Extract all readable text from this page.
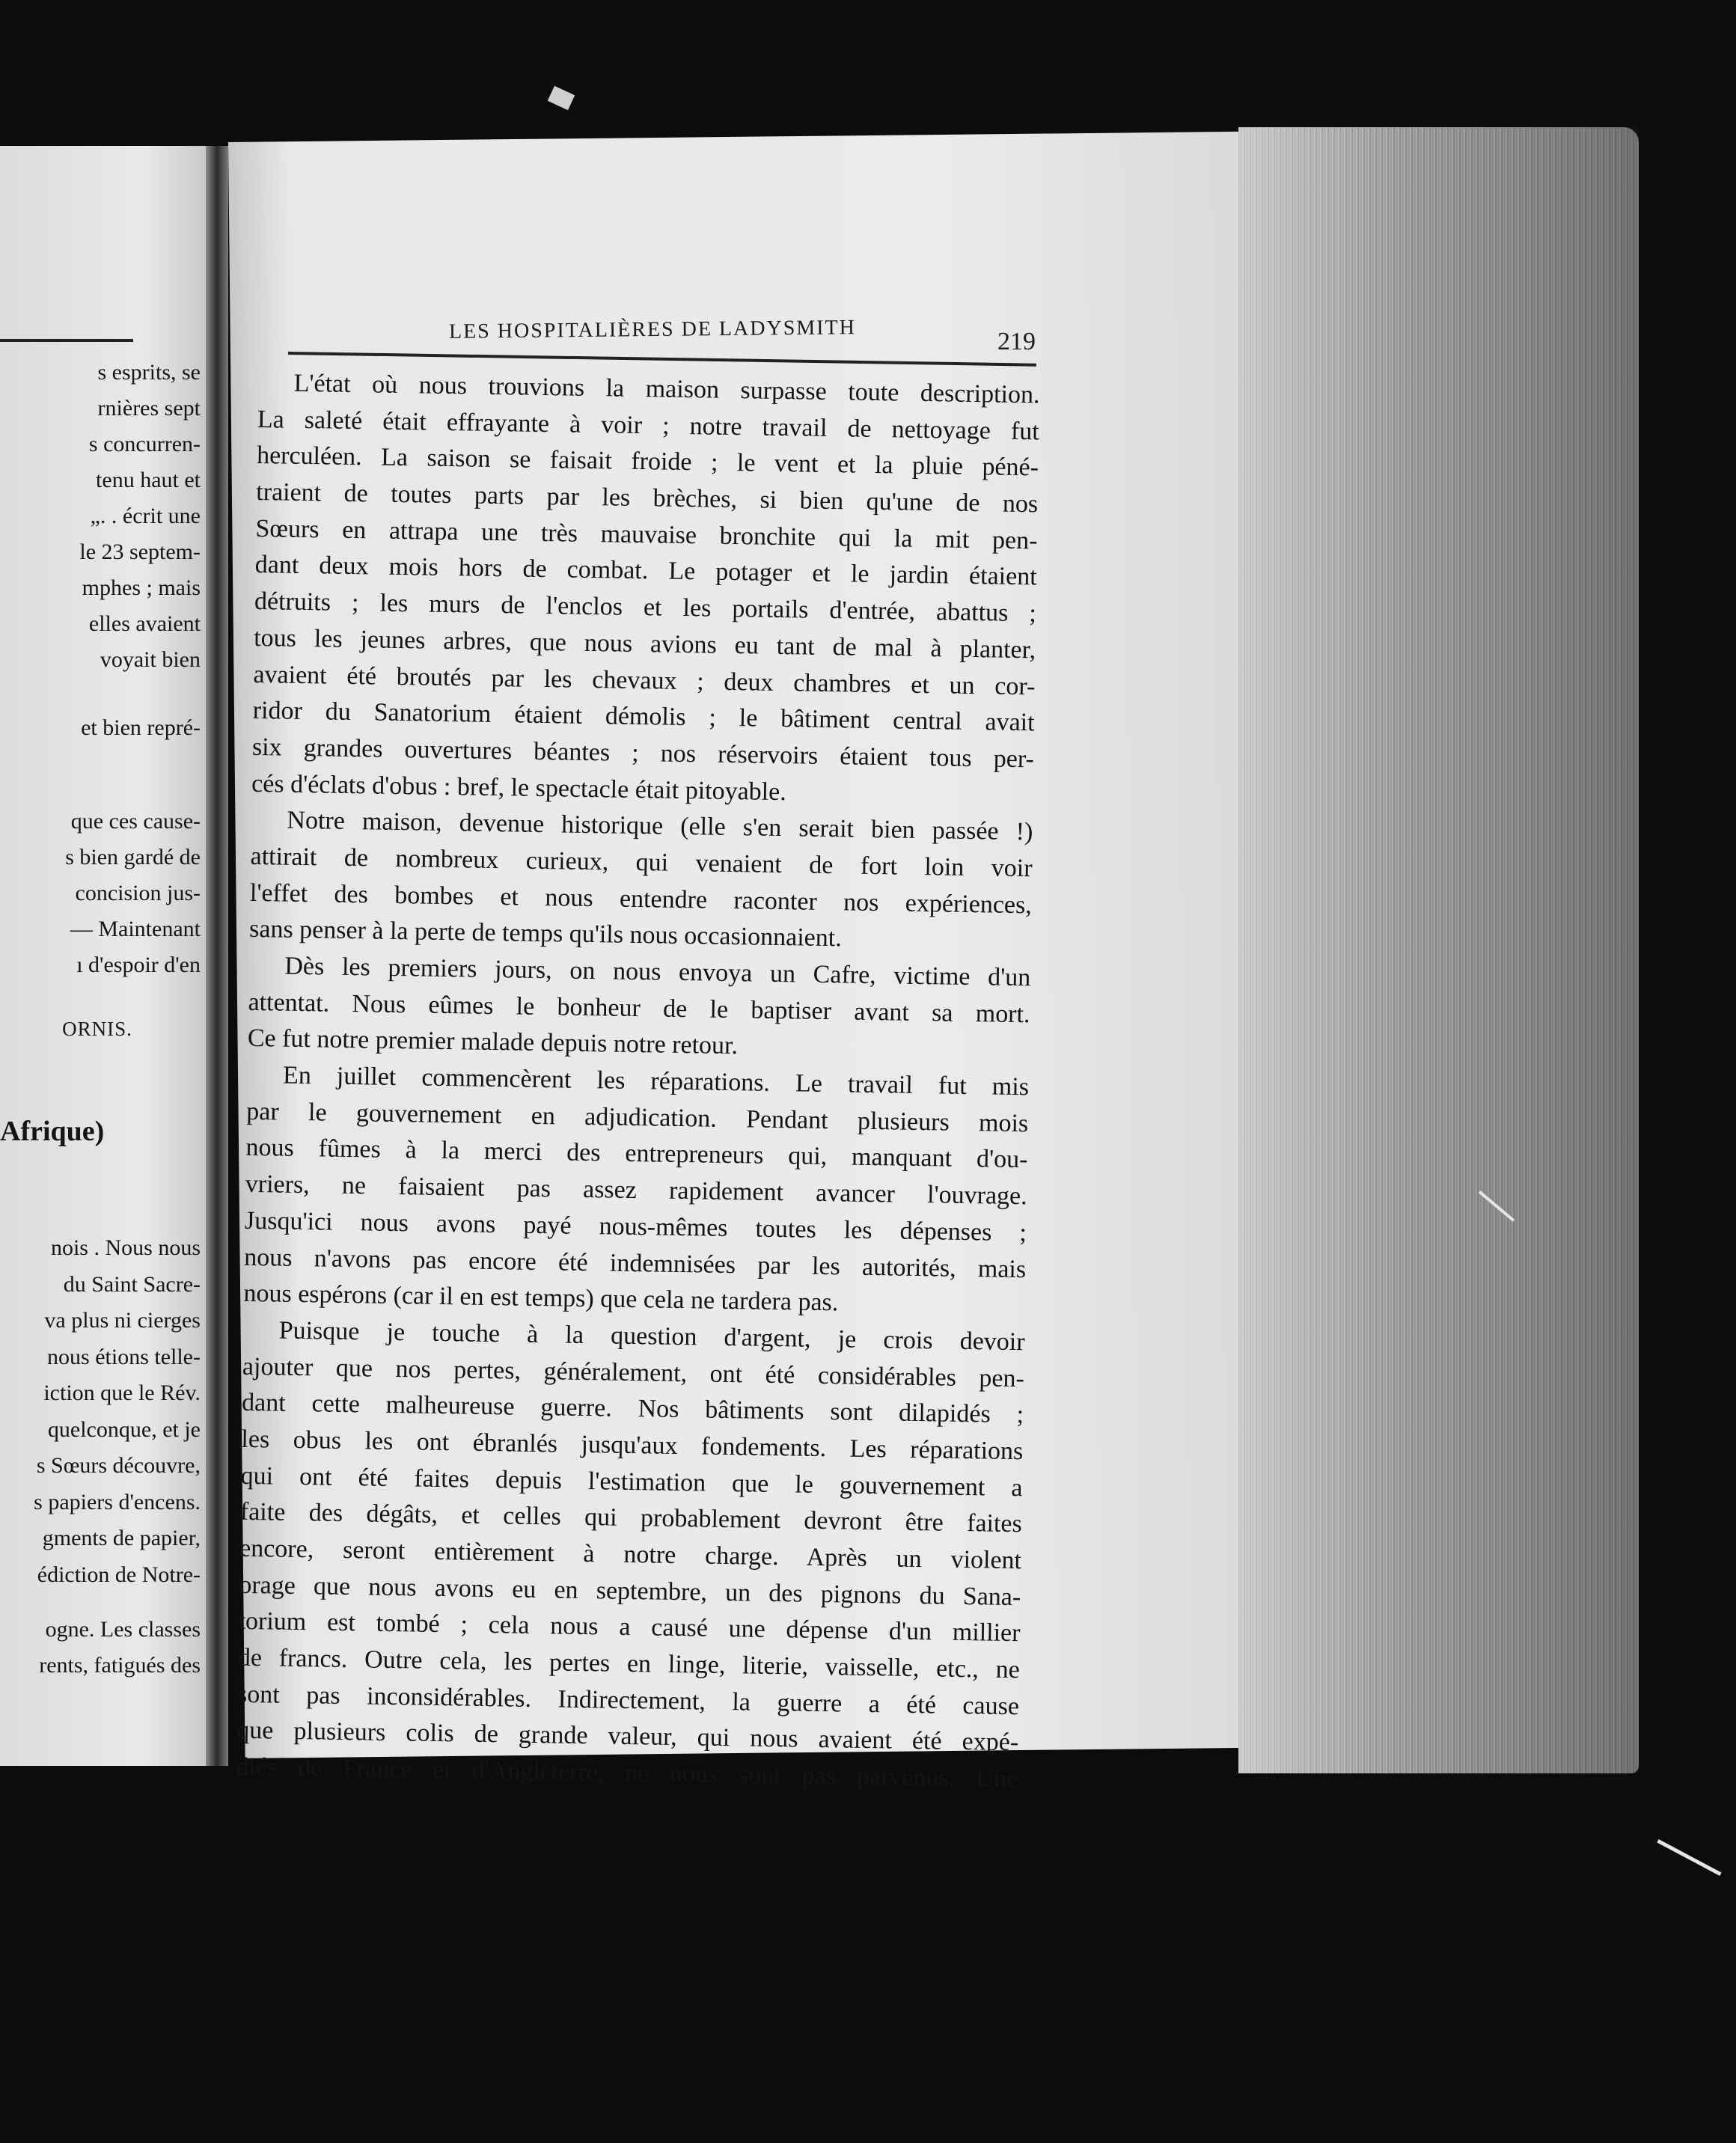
s esprits, se
rnières sept
s concurren-
tenu haut et
„. . écrit une
le 23 septem-
mphes ; mais
elles avaient
voyait bien
et bien repré-
que ces cause-
s bien gardé de
concision jus-
— Maintenant
ı d'espoir d'en
ORNIS.
Afrique)
nois . Nous nous
du Saint Sacre-
va plus ni cierges
nous étions telle-
iction que le Rév.
quelconque, et je
s Sœurs découvre,
s papiers d'encens.
gments de papier,
édiction de Notre-
ogne. Les classes
rents, fatigués des
LES HOSPITALIÈRES DE LADYSMITH	219
L'état où nous trouvions la maison surpasse toute description.
La saleté était effrayante à voir ; notre travail de nettoyage fut
herculéen. La saison se faisait froide ; le vent et la pluie péné-
traient de toutes parts par les brèches, si bien qu'une de nos
Sœurs en attrapa une très mauvaise bronchite qui la mit pen-
dant deux mois hors de combat. Le potager et le jardin étaient
détruits ; les murs de l'enclos et les portails d'entrée, abattus ;
tous les jeunes arbres, que nous avions eu tant de mal à planter,
avaient été broutés par les chevaux ; deux chambres et un cor-
ridor du Sanatorium étaient démolis ; le bâtiment central avait
six grandes ouvertures béantes ; nos réservoirs étaient tous per-
cés d'éclats d'obus : bref, le spectacle était pitoyable.
Notre maison, devenue historique (elle s'en serait bien passée !)
attirait de nombreux curieux, qui venaient de fort loin voir
l'effet des bombes et nous entendre raconter nos expériences,
sans penser à la perte de temps qu'ils nous occasionnaient.
Dès les premiers jours, on nous envoya un Cafre, victime d'un
attentat. Nous eûmes le bonheur de le baptiser avant sa mort.
Ce fut notre premier malade depuis notre retour.
En juillet commencèrent les réparations. Le travail fut mis
par le gouvernement en adjudication. Pendant plusieurs mois
nous fûmes à la merci des entrepreneurs qui, manquant d'ou-
vriers, ne faisaient pas assez rapidement avancer l'ouvrage.
Jusqu'ici nous avons payé nous-mêmes toutes les dépenses ;
nous n'avons pas encore été indemnisées par les autorités, mais
nous espérons (car il en est temps) que cela ne tardera pas.
Puisque je touche à la question d'argent, je crois devoir
ajouter que nos pertes, généralement, ont été considérables pen-
dant cette malheureuse guerre. Nos bâtiments sont dilapidés ;
les obus les ont ébranlés jusqu'aux fondements. Les réparations
qui ont été faites depuis l'estimation que le gouvernement a
faite des dégâts, et celles qui probablement devront être faites
encore, seront entièrement à notre charge. Après un violent
orage que nous avons eu en septembre, un des pignons du Sana-
torium est tombé ; cela nous a causé une dépense d'un millier
de francs. Outre cela, les pertes en linge, literie, vaisselle, etc., ne
sont pas inconsidérables. Indirectement, la guerre a été cause
que plusieurs colis de grande valeur, qui nous avaient été expé-
diés de France et d'Angleterre, ne nous sont pas parvenus. Une
